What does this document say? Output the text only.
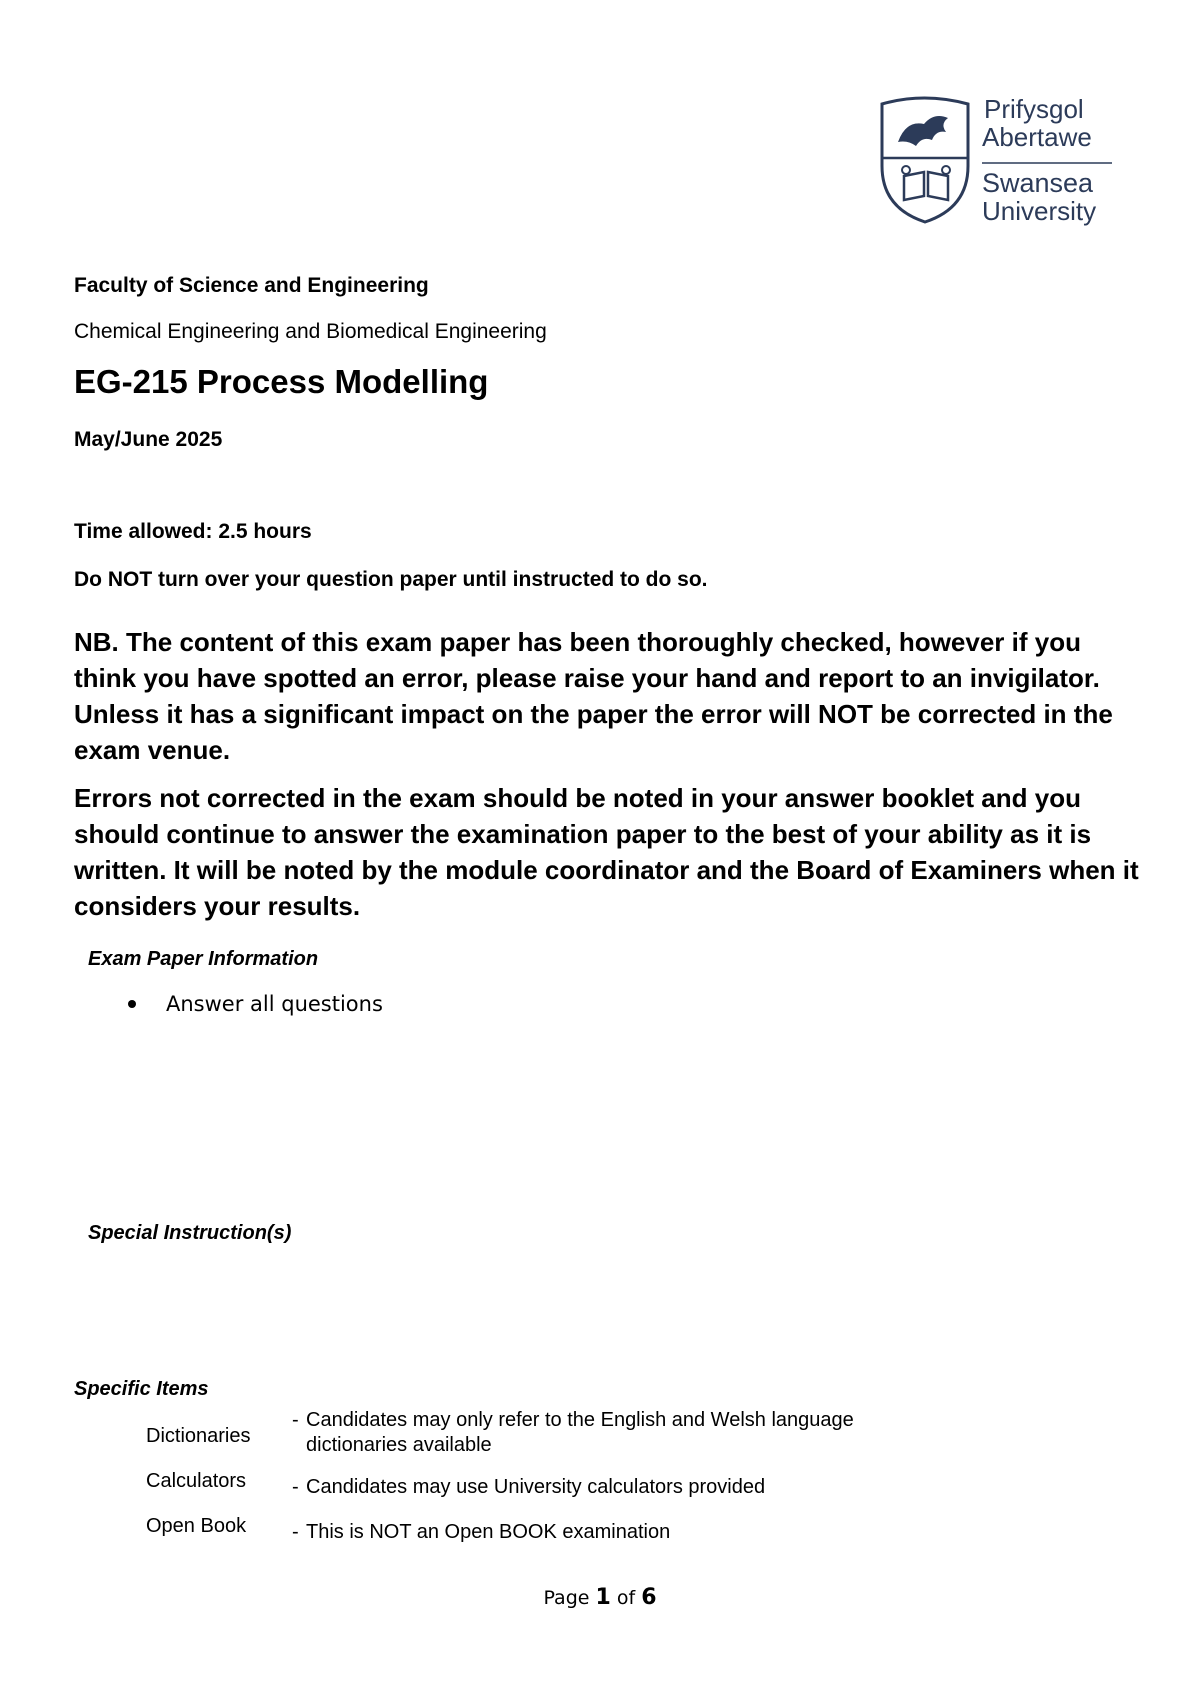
Prifysgol
Abertawe
Swansea
University
Faculty of Science and Engineering
Chemical Engineering and Biomedical Engineering
EG-215 Process Modelling
May/June 2025
Time allowed: 2.5 hours
Do NOT turn over your question paper until instructed to do so.
NB. The content of this exam paper has been thoroughly checked, however if you think you have spotted an error, please raise your hand and report to an invigilator. Unless it has a significant impact on the paper the error will NOT be corrected in the exam venue.
Errors not corrected in the exam should be noted in your answer booklet and you should continue to answer the examination paper to the best of your ability as it is written. It will be noted by the module coordinator and the Board of Examiners when it considers your results.
Exam Paper Information
Answer all questions
Special Instruction(s)
Specific Items
Dictionaries
- Candidates may only refer to the English and Welsh language
dictionaries available
Calculators - Candidates may use University calculators provided
Open Book - This is NOT an Open BOOK examination
Page 1 of 6
